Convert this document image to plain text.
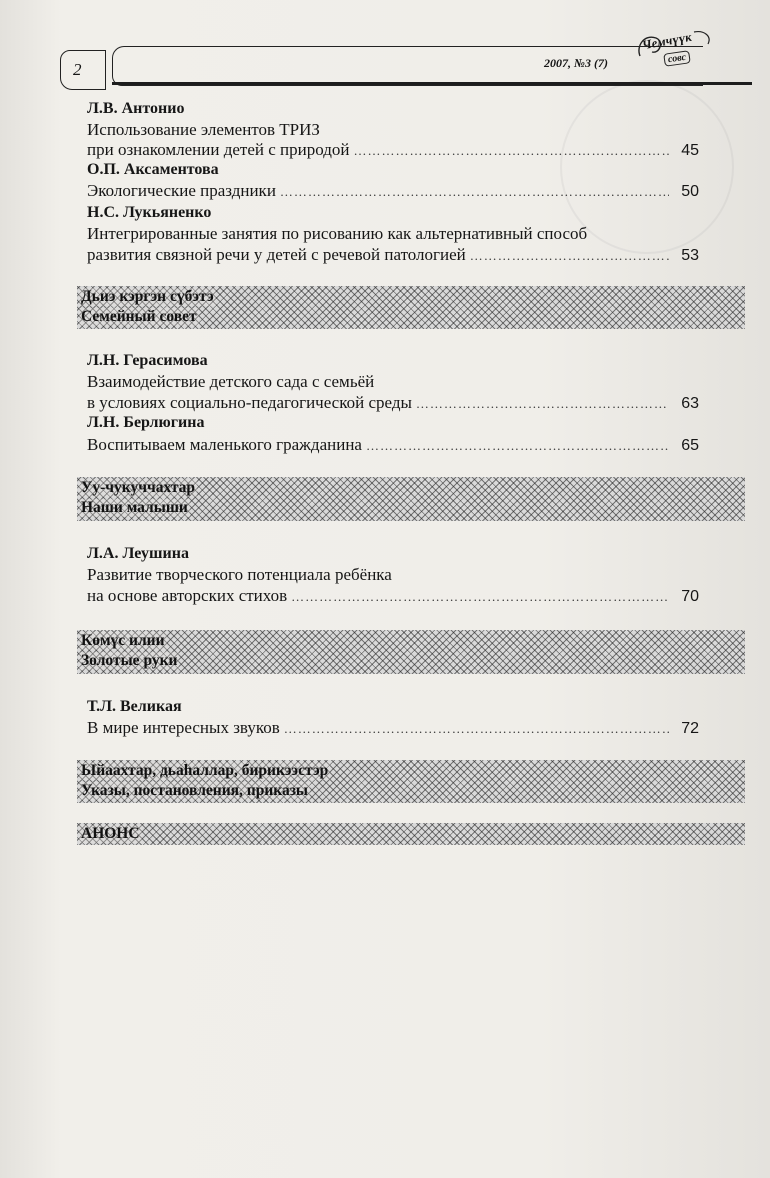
2	2007, №3 (7)
Чемчүүк
совс
Л.В. Антонио
Использование элементов ТРИЗ
при ознакомлении детей с природой ………………………………………………………………………………………………………………………………………………………	45
О.П. Аксаментова
Экологические праздники ………………………………………………………………………………………………………………………………………………………	50
Н.С. Лукьяненко
Интегрированные занятия по рисованию как альтернативный способ
развития связной речи у детей с речевой патологией ………………………………………………………………………………………………………………………………………………………	53
Дьиэ кэргэн сүбэтэ
Семейный совет
Л.Н. Герасимова
Взаимодействие детского сада с семьёй
в условиях социально-педагогической среды ………………………………………………………………………………………………………………………………………………………	63
Л.Н. Берлюгина
Воспитываем маленького гражданина ………………………………………………………………………………………………………………………………………………………	65
Уу-чукуччахтар
Наши малыши
Л.А. Леушина
Развитие творческого потенциала ребёнка
на основе авторских стихов ………………………………………………………………………………………………………………………………………………………	70
Көмүс илии
Золотые руки
Т.Л. Великая
В мире интересных звуков ………………………………………………………………………………………………………………………………………………………	72
Ыйаахтар, дьаһаллар, бирикээстэр
Указы, постановления, приказы
АНОНС
